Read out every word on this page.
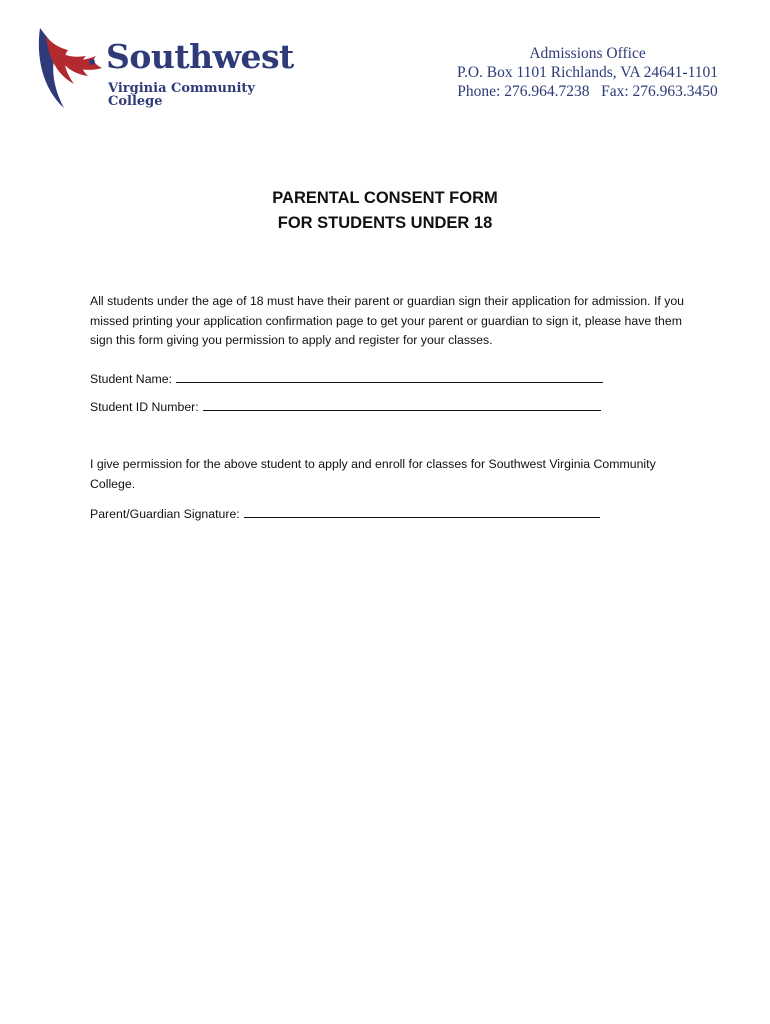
Southwest
Virginia Community College
Admissions Office
P.O. Box 1101 Richlands, VA 24641-1101
Phone: 276.964.7238   Fax: 276.963.3450
PARENTAL CONSENT FORM
FOR STUDENTS UNDER 18
All students under the age of 18 must have their parent or guardian sign their application for admission. If you missed printing your application confirmation page to get your parent or guardian to sign it, please have them sign this form giving you permission to apply and register for your classes.
Student Name:
Student ID Number:
I give permission for the above student to apply and enroll for classes for Southwest Virginia Community College.
Parent/Guardian Signature:
